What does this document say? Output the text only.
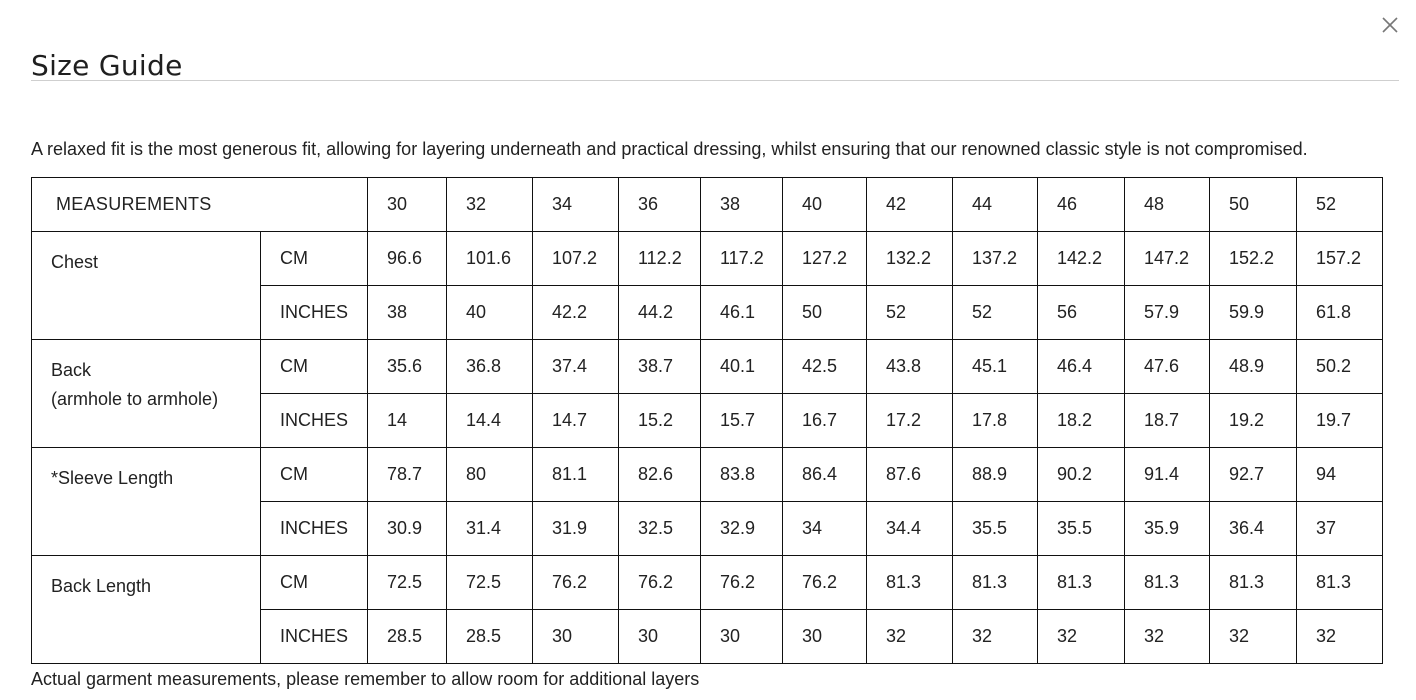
Size Guide
A relaxed fit is the most generous fit, allowing for layering underneath and practical dressing, whilst ensuring that our renowned classic style is not compromised.
MEASUREMENTS		30	32	34	36	38	40	42	44	46	48	50	52

Chest	CM	96.6	101.6	107.2	112.2	117.2	127.2	132.2	137.2	142.2	147.2	152.2	157.2
	INCHES	38	40	42.2	44.2	46.1	50	52	52	56	57.9	59.9	61.8

Back
(armhole to armhole)	CM	35.6	36.8	37.4	38.7	40.1	42.5	43.8	45.1	46.4	47.6	48.9	50.2
	INCHES	14	14.4	14.7	15.2	15.7	16.7	17.2	17.8	18.2	18.7	19.2	19.7

*Sleeve Length	CM	78.7	80	81.1	82.6	83.8	86.4	87.6	88.9	90.2	91.4	92.7	94
	INCHES	30.9	31.4	31.9	32.5	32.9	34	34.4	35.5	35.5	35.9	36.4	37

Back Length	CM	72.5	72.5	76.2	76.2	76.2	76.2	81.3	81.3	81.3	81.3	81.3	81.3
	INCHES	28.5	28.5	30	30	30	30	32	32	32	32	32	32
Actual garment measurements, please remember to allow room for additional layers
